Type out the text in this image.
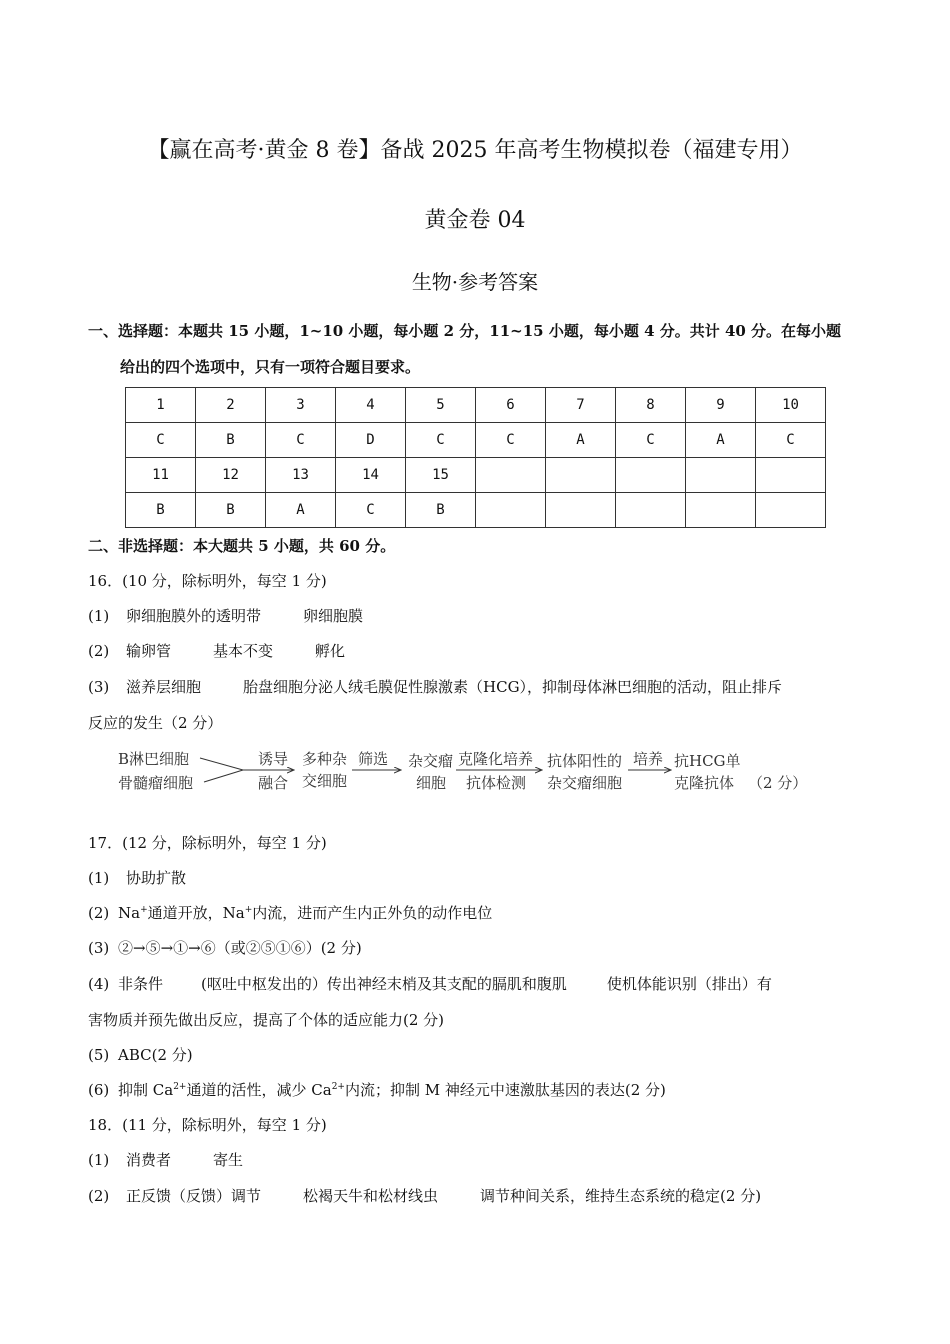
【赢在高考·黄金 8 卷】备战 2025 年高考生物模拟卷（福建专用）
黄金卷 04
生物·参考答案
一、选择题：本题共 15 小题，1~10 小题，每小题 2 分，11~15 小题，每小题 4 分。共计 40 分。在每小题
给出的四个选项中，只有一项符合题目要求。
1	2	3	4	5	6	7	8	9	10
C	B	C	D	C	C	A	C	A	C
11	12	13	14	15					
B	B	A	C	B					
二、非选择题：本大题共 5 小题，共 60 分。
16．(10 分，除标明外，每空 1 分)
(1) 卵细胞膜外的透明带	卵细胞膜
(2) 输卵管	基本不变	孵化
(3) 滋养层细胞	胎盘细胞分泌人绒毛膜促性腺激素（HCG），抑制母体淋巴细胞的活动，阻止排斥
反应的发生（2 分）
B淋巴细胞
骨髓瘤细胞
诱导
融合
多种杂
交细胞
筛选 杂交瘤
细胞
克隆化培养
抗体检测
抗体阳性的
杂交瘤细胞
培养 抗HCG单
克隆抗体 （2 分）
17．(12 分，除标明外，每空 1 分)
(1) 协助扩散
(2) Na+通道开放，Na+内流，进而产生内正外负的动作电位
(3) ②→⑤→①→⑥（或②⑤①⑥）(2 分)
(4) 非条件	(呕吐中枢发出的）传出神经末梢及其支配的膈肌和腹肌	使机体能识别（排出）有
害物质并预先做出反应，提高了个体的适应能力(2 分)
(5) ABC(2 分)
(6) 抑制 $Ca^{2+}$通道的活性，减少 $Ca^{2+}$内流；抑制 M 神经元中速激肽基因的表达(2 分)
18．(11 分，除标明外，每空 1 分)
(1) 消费者	寄生
(2) 正反馈（反馈）调节	松褐天牛和松材线虫	调节种间关系，维持生态系统的稳定(2 分)
